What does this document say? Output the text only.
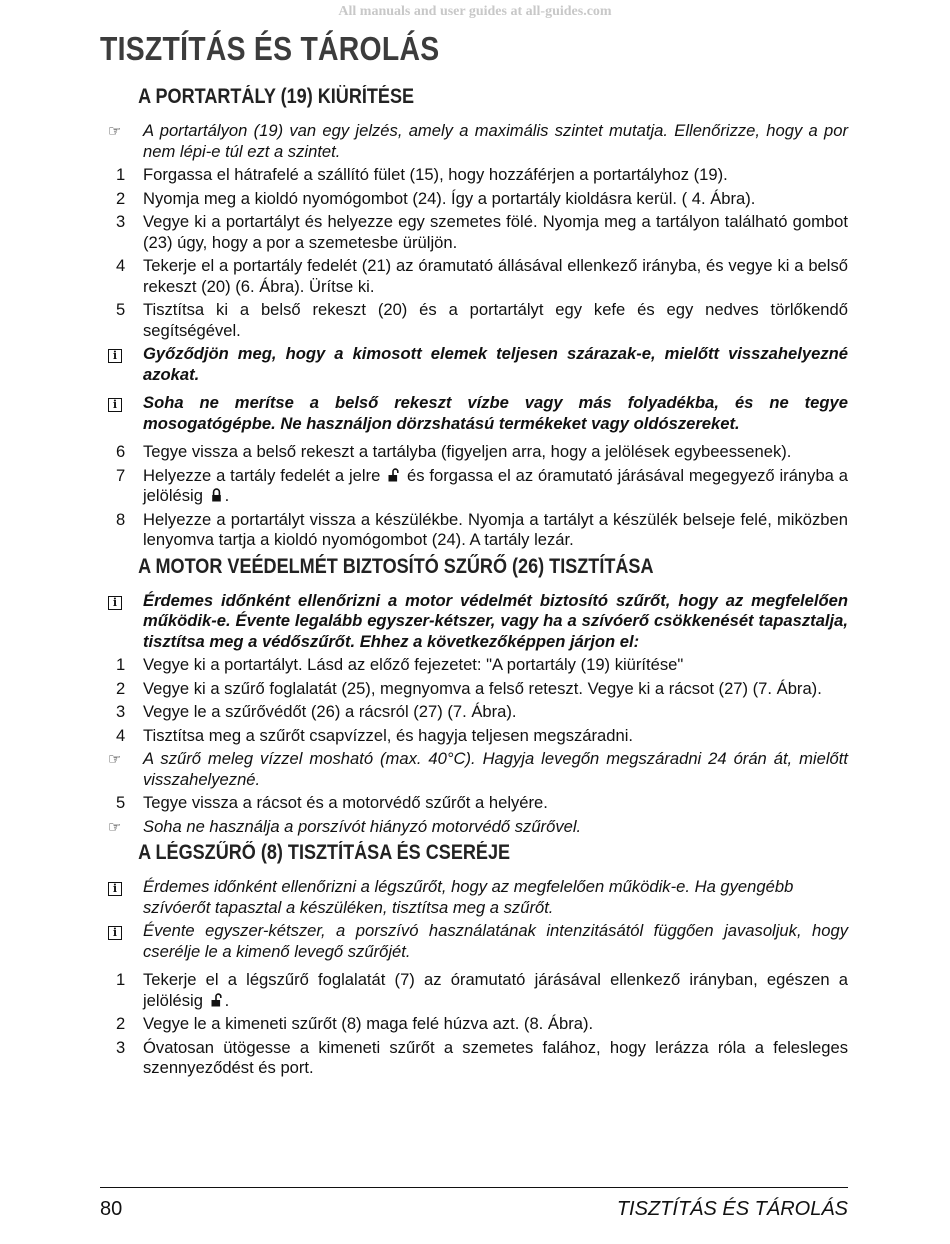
All manuals and user guides at all-guides.com
TISZTÍTÁS ÉS TÁROLÁS
A PORTARTÁLY (19) KIÜRÍTÉSE
☞	A portartályon (19) van egy jelzés, amely a maximális szintet mutatja. Ellenőrizze, hogy a por nem lépi-e túl ezt a szintet.
1	Forgassa el hátrafelé a szállító fület (15), hogy hozzáférjen a portartályhoz (19).
2	Nyomja meg a kioldó nyomógombot (24). Így a portartály kioldásra kerül. ( 4. Ábra).
3	Vegye ki a portartályt és helyezze egy szemetes fölé. Nyomja meg a tartályon található gombot (23) úgy, hogy a por a szemetesbe ürüljön.
4	Tekerje el a portartály fedelét (21) az óramutató állásával ellenkező irányba, és vegye ki a belső rekeszt (20) (6. Ábra). Ürítse ki.
5	Tisztítsa ki a belső rekeszt (20) és a portartályt egy kefe és egy nedves törlőkendő segítségével.
i	Győződjön meg, hogy a kimosott elemek teljesen szárazak-e, mielőtt visszahelyezné azokat.
i	Soha ne merítse a belső rekeszt vízbe vagy más folyadékba, és ne tegye mosogatógépbe. Ne használjon dörzshatású termékeket vagy oldószereket.
6	Tegye vissza a belső rekeszt a tartályba (figyeljen arra, hogy a jelölések egybeessenek).
7	Helyezze a tartály fedelét a jelre  és forgassa el az óramutató járásával megegyező irányba a jelölésig .
8	Helyezze a portartályt vissza a készülékbe. Nyomja a tartályt a készülék belseje felé, miközben lenyomva tartja a kioldó nyomógombot (24). A tartály lezár.
A MOTOR VEÉDELMÉT BIZTOSÍTÓ SZŰRŐ (26) TISZTÍTÁSA
i	Érdemes időnként ellenőrizni a motor védelmét biztosító szűrőt, hogy az megfelelően működik-e. Évente legalább egyszer-kétszer, vagy ha a szívóerő csökkenését tapasztalja, tisztítsa meg a védőszűrőt. Ehhez a következőképpen járjon el:
1	Vegye ki a portartályt. Lásd az előző fejezetet: "A portartály (19) kiürítése"
2	Vegye ki a szűrő foglalatát (25), megnyomva a felső reteszt. Vegye ki a rácsot (27) (7. Ábra).
3	Vegye le a szűrővédőt (26) a rácsról (27) (7. Ábra).
4	Tisztítsa meg a szűrőt csapvízzel, és hagyja teljesen megszáradni.
☞	A szűrő meleg vízzel mosható (max. 40°C). Hagyja levegőn megszáradni 24 órán át, mielőtt visszahelyezné.
5	Tegye vissza a rácsot és a motorvédő szűrőt a helyére.
☞	Soha ne használja a porszívót hiányzó motorvédő szűrővel.
A LÉGSZŰRŐ (8) TISZTÍTÁSA ÉS CSERÉJE
i	Érdemes időnként ellenőrizni a légszűrőt, hogy az megfelelően működik-e. Ha gyengébb szívóerőt tapasztal a készüléken, tisztítsa meg a szűrőt.
i	Évente egyszer-kétszer, a porszívó használatának intenzitásától függően javasoljuk, hogy cserélje le a kimenő levegő szűrőjét.
1	Tekerje el a légszűrő foglalatát (7) az óramutató járásával ellenkező irányban, egészen a jelölésig .
2	Vegye le a kimeneti szűrőt (8) maga felé húzva azt. (8. Ábra).
3	Óvatosan ütögesse a kimeneti szűrőt a szemetes falához, hogy lerázza róla a felesleges szennyeződést és port.
80	TISZTÍTÁS ÉS TÁROLÁS
